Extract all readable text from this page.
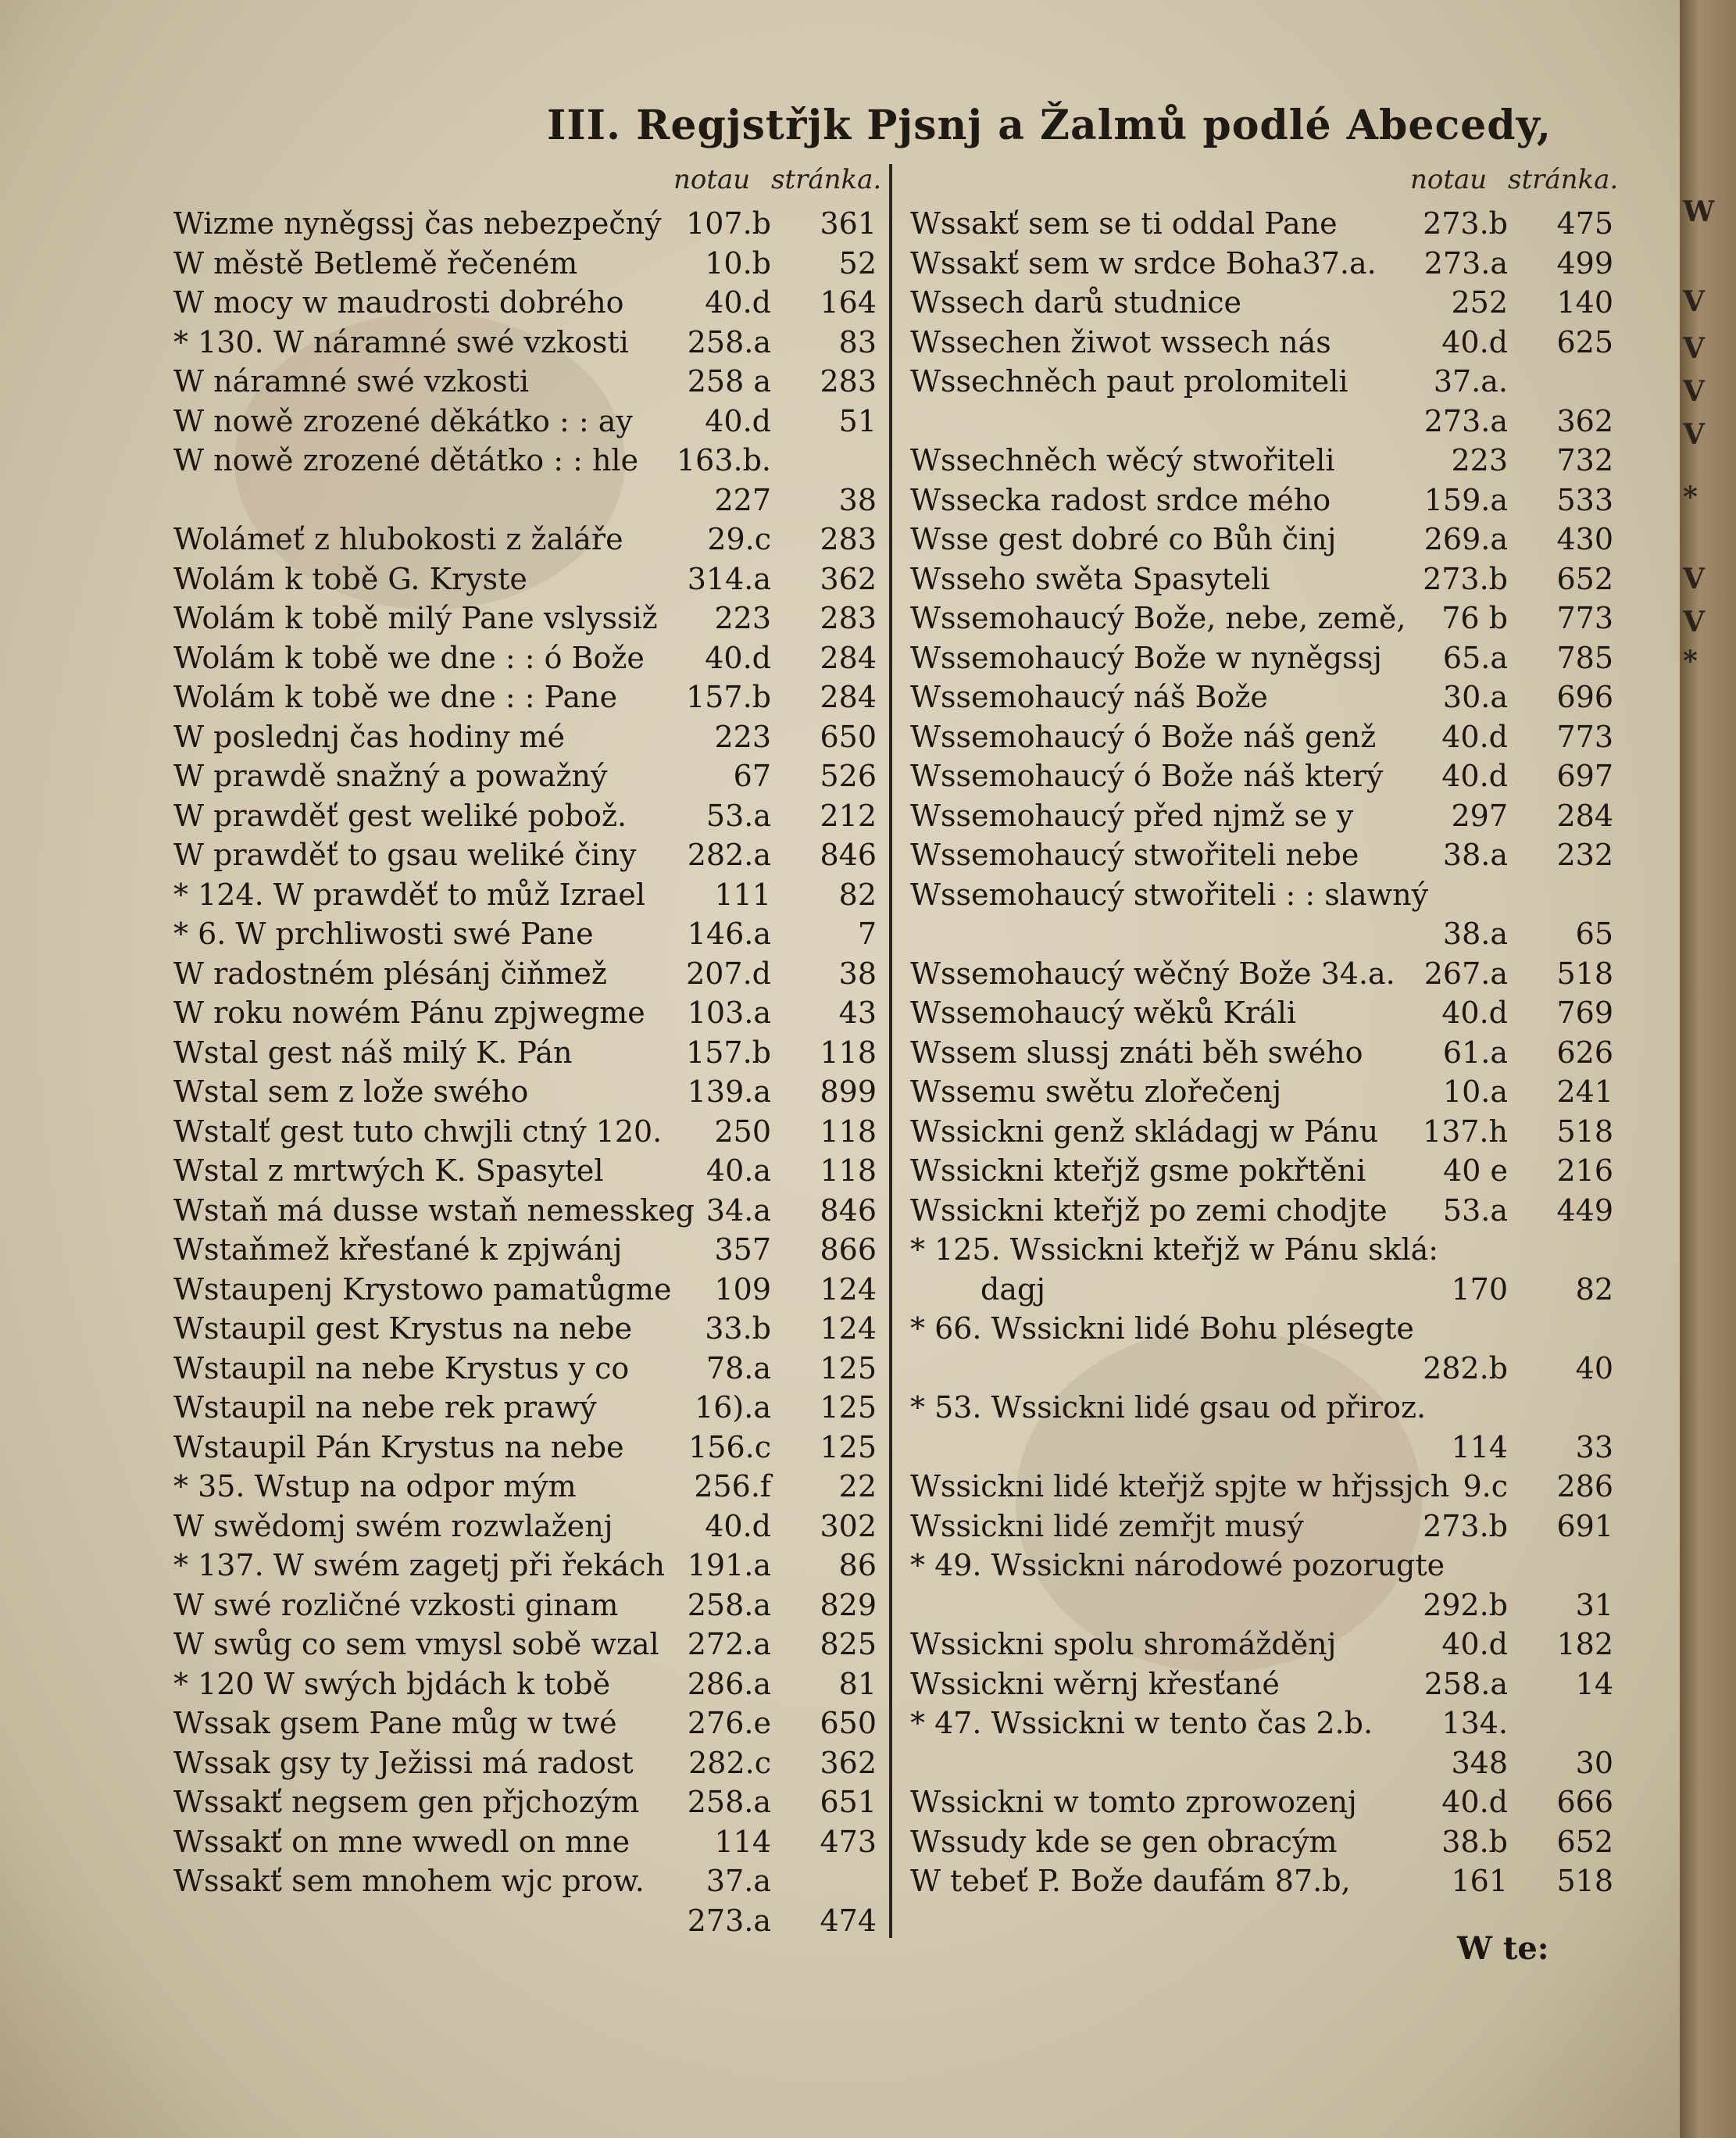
III. Regjstřjk Pjsnj a Žalmů podlé Abecedy,
notau stránka.
Wizme nyněgssj čas nebezpečný 107.b 361
W městě Betlemě řečeném	10.b 52
W mocy w maudrosti dobrého	40.d 164
* 130. W náramné swé vzkosti 258.a 83
W náramné swé vzkosti	258 a 283
W nowě zrozené děkátko : : ay 40.d 51
W nowě zrozené dětátko : : hle 163.b.
227 38
Wolámeť z hlubokosti z žaláře	29.c 283
Wolám k tobě G. Kryste	314.a 362
Wolám k tobě milý Pane vslyssiž 223 283
Wolám k tobě we dne : : ó Bože 40.d 284
Wolám k tobě we dne : : Pane 157.b 284
W poslednj čas hodiny mé	223 650
W prawdě snažný a powažný	67 526
W prawděť gest weliké pobož.	53.a 212
W prawděť to gsau weliké činy 282.a 846
* 124. W prawděť to můž Izrael 111 82
* 6. W prchliwosti swé Pane	146.a	7
W radostném plésánj čiňmež	207.d 38
W roku nowém Pánu zpjwegme 103.a 43
Wstal gest náš milý K. Pán	157.b 118
Wstal sem z lože swého	139.a 899
Wstalť gest tuto chwjli ctný 120. 250 118
Wstal z mrtwých K. Spasytel	40.a 118
Wstaň má dusse wstaň nemesskeg 34.a 846
Wstaňmež křesťané k zpjwánj	357 866
Wstaupenj Krystowo pamatůgme 109 124
Wstaupil gest Krystus na nebe 33.b 124
Wstaupil na nebe Krystus y co	78.a 125
Wstaupil na nebe rek prawý	16).a 125
Wstaupil Pán Krystus na nebe 156.c 125
* 35. Wstup na odpor mým	256.f 22
W swědomj swém rozwlaženj	40.d 302
* 137. W swém zagetj při řekách 191.a 86
W swé rozličné vzkosti ginam 258.a 829
W swůg co sem vmysl sobě wzal 272.a 825
* 120 W swých bjdách k tobě	286.a 81
Wssak gsem Pane můg w twé 276.e 650
Wssak gsy ty Ježissi má radost 282.c 362
Wssakť negsem gen přjchozým 258.a 651
Wssakť on mne wwedl on mne	114 473
Wssakť sem mnohem wjc prow. 37.a
273.a 474
notau stránka.
Wssakť sem se ti oddal Pane	273.b 475
Wssakť sem w srdce Boha37.a. 273.a 499
Wssech darů studnice	252 140
Wssechen žiwot wssech nás	40.d 625
Wssechněch paut prolomiteli	37.a.
273.a 362
Wssechněch wěcý stwořiteli	223 732
Wssecka radost srdce mého	159.a 533
Wsse gest dobré co Bůh činj	269.a 430
Wsseho swěta Spasyteli	273.b 652
Wssemohaucý Bože, nebe, země, 76 b 773
Wssemohaucý Bože w nyněgssj 65.a 785
Wssemohaucý náš Bože	30.a 696
Wssemohaucý ó Bože náš genž 40.d 773
Wssemohaucý ó Bože náš který 40.d 697
Wssemohaucý před njmž se y	297 284
Wssemohaucý stwořiteli nebe	38.a 232
Wssemohaucý stwořiteli : : slawný
38.a 65
Wssemohaucý wěčný Bože 34.a. 267.a 518
Wssemohaucý wěků Králi	40.d 769
Wssem slussj znáti běh swého	61.a 626
Wssemu swětu zlořečenj	10.a 241
Wssickni genž skládagj w Pánu 137.h 518
Wssickni kteřjž gsme pokřtěni	40 e 216
Wssickni kteřjž po zemi chodjte 53.a 449
* 125. Wssickni kteřjž w Pánu sklá:
dagj	170 82
* 66. Wssickni lidé Bohu plésegte
282.b 40
* 53. Wssickni lidé gsau od přiroz.
114 33
Wssickni lidé kteřjž spjte w hřjssjch 9.c 286
Wssickni lidé zemřjt musý	273.b 691
* 49. Wssickni národowé pozorugte
292.b 31
Wssickni spolu shromážděnj	40.d 182
Wssickni wěrnj křesťané	258.a 14
* 47. Wssickni w tento čas 2.b. 134.
348 30
Wssickni w tomto zprowozenj	40.d 666
Wssudy kde se gen obracým	38.b 652
W tebeť P. Bože daufám 87.b,	161 518
W te:
W
V
V
V
V
*
V
V
*
